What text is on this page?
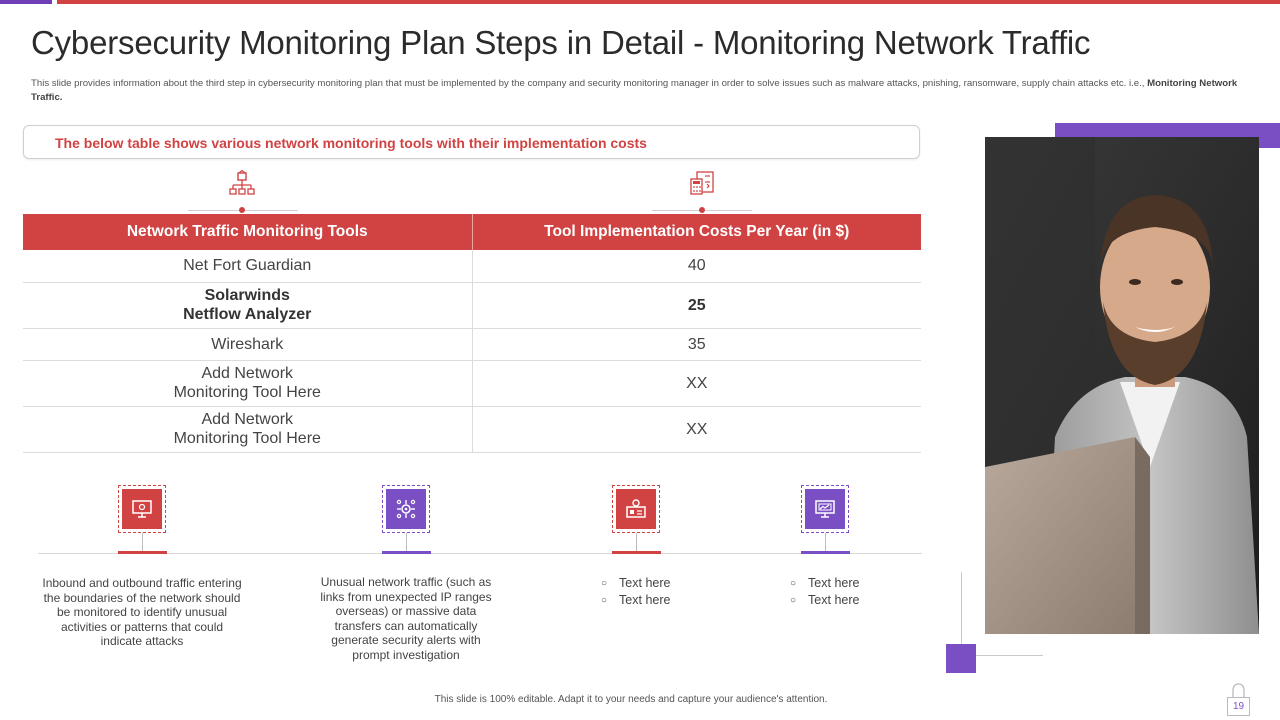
Cybersecurity Monitoring Plan Steps in Detail - Monitoring Network Traffic
This slide provides information about the third step in cybersecurity monitoring plan that must be implemented by the company and security monitoring manager in order to solve issues such as malware attacks, pnishing, ransomware, supply chain attacks etc. i.e., Monitoring Network Traffic.
The below table shows various network monitoring tools with their implementation costs
Network Traffic Monitoring Tools	Tool Implementation Costs Per Year (in $)
Net Fort Guardian	40
Solarwinds
Netflow Analyzer	25
Wireshark	35
Add Network
Monitoring Tool Here	XX
Add Network
Monitoring Tool Here	XX
Inbound and outbound traffic entering the boundaries of the network should be monitored to identify unusual activities or patterns that could indicate attacks
Unusual network traffic (such as links from unexpected IP ranges overseas) or massive data transfers can automatically generate security alerts with prompt investigation
○ Text here
○ Text here
○ Text here
○ Text here
This slide is 100% editable. Adapt it to your needs and capture your audience's attention.
19
